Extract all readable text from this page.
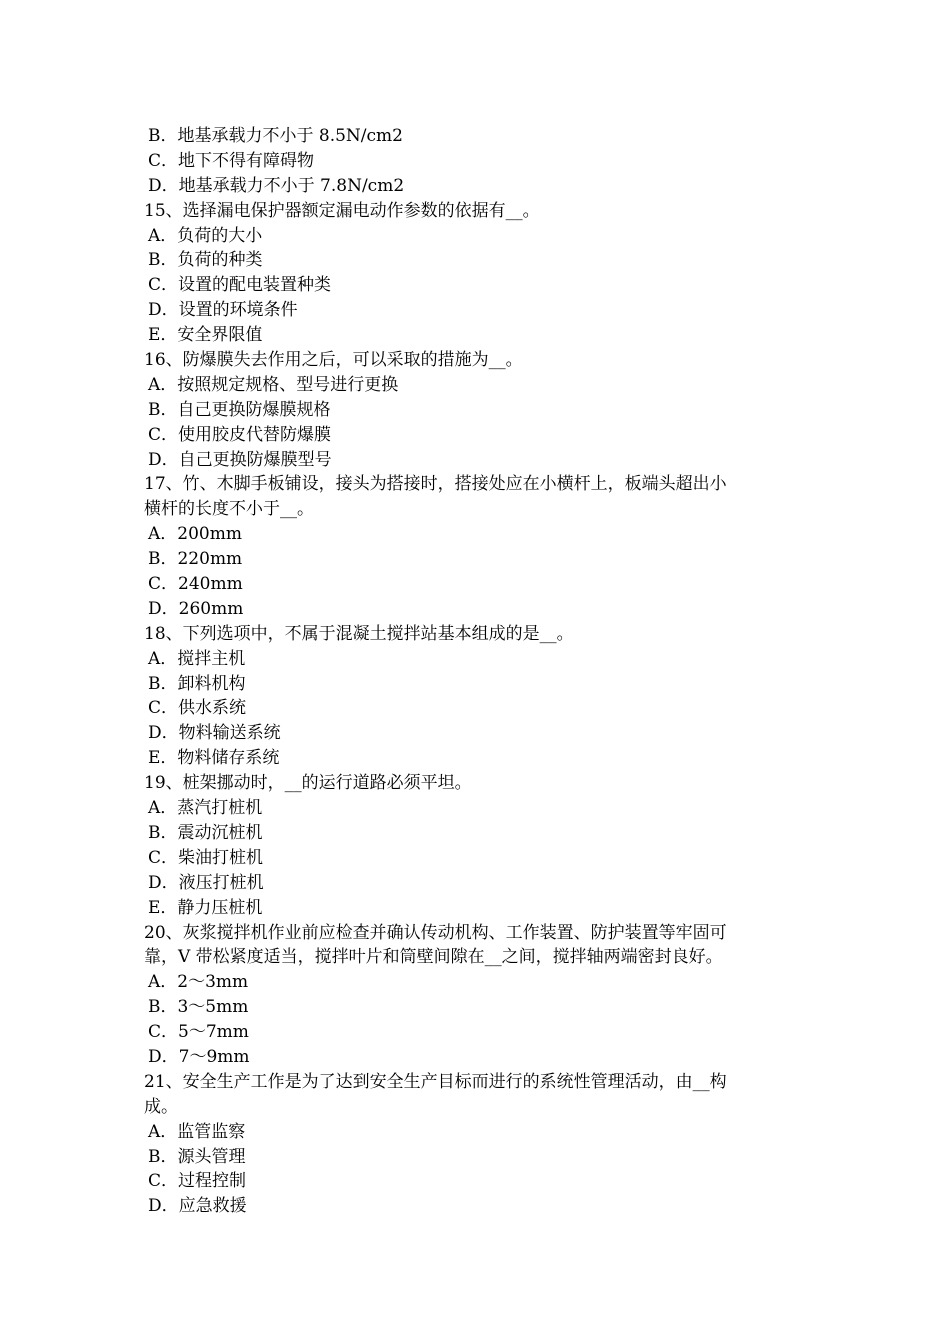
B．地基承载力不小于 8.5N/cm2
C．地下不得有障碍物
D．地基承载力不小于 7.8N/cm2
15、选择漏电保护器额定漏电动作参数的依据有__。
A．负荷的大小
B．负荷的种类
C．设置的配电装置种类
D．设置的环境条件
E．安全界限值
16、防爆膜失去作用之后，可以采取的措施为__。
A．按照规定规格、型号进行更换
B．自己更换防爆膜规格
C．使用胶皮代替防爆膜
D．自己更换防爆膜型号
17、竹、木脚手板铺设，接头为搭接时，搭接处应在小横杆上，板端头超出小
横杆的长度不小于__。
A．200mm
B．220mm
C．240mm
D．260mm
18、下列选项中，不属于混凝土搅拌站基本组成的是__。
A．搅拌主机
B．卸料机构
C．供水系统
D．物料输送系统
E．物料储存系统
19、桩架挪动时，__的运行道路必须平坦。
A．蒸汽打桩机
B．震动沉桩机
C．柴油打桩机
D．液压打桩机
E．静力压桩机
20、灰浆搅拌机作业前应检查并确认传动机构、工作装置、防护装置等牢固可
靠，V 带松紧度适当，搅拌叶片和筒壁间隙在__之间，搅拌轴两端密封良好。
A．2～3mm
B．3～5mm
C．5～7mm
D．7～9mm
21、安全生产工作是为了达到安全生产目标而进行的系统性管理活动，由__构
成。
A．监管监察
B．源头管理
C．过程控制
D．应急救援
